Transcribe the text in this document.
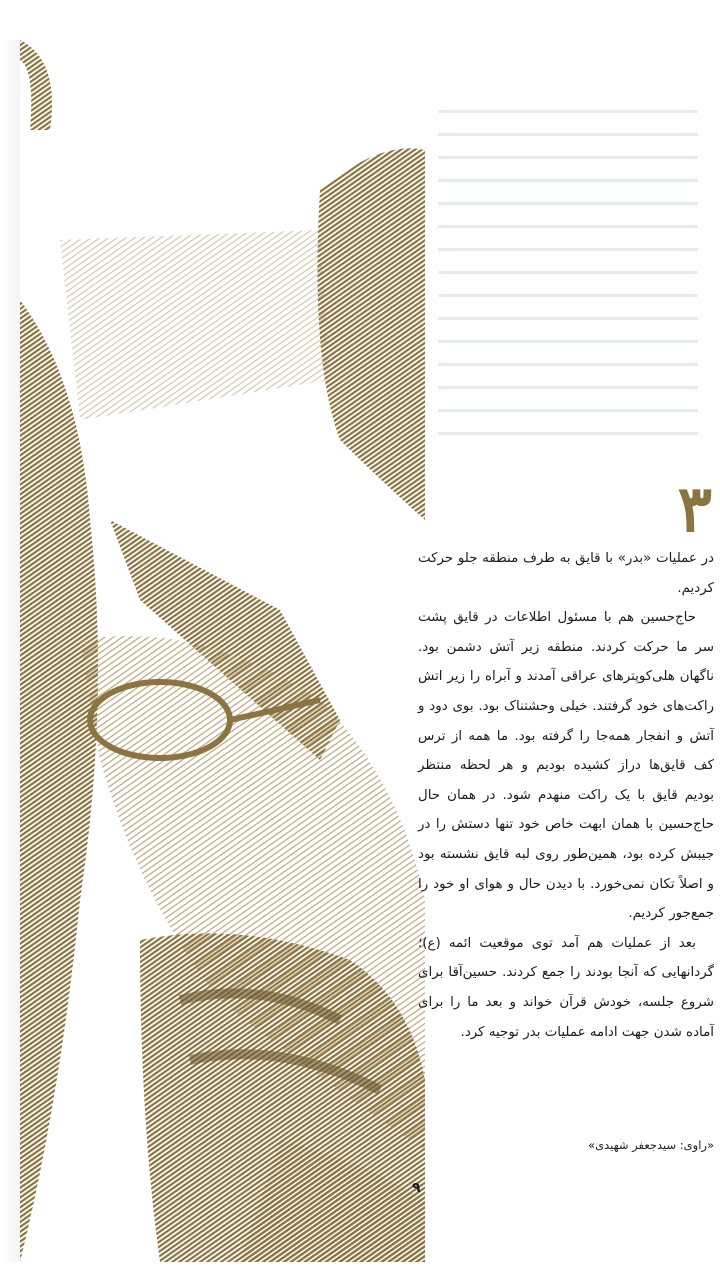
۳

در عملیات «بدر» با قایق به طرف منطقه جلو حرکت کردیم.

حاج‌حسین هم با مسئول اطلاعات در قایق پشت سر ما حرکت کردند. منطقه زیر آتش دشمن بود. ناگهان هلی‌کوپترهای عراقی آمدند و آبراه را زیر اتش راکت‌های خود گرفتند. خیلی وحشتناک بود. بوی دود و آتش و انفجار همه‌جا را گرفته بود. ما همه از ترس کف قایق‌ها دراز کشیده بودیم و هر لحظه منتظر بودیم قایق با یک راکت منهدم شود. در همان حال حاج‌حسین با همان ابهت خاص خود تنها دستش را در جیبش کرده بود، همین‌طور روی لبه قایق نشسته بود و اصلاً تکان نمی‌خورد. با دیدن حال و هوای او خود را جمع‌جور کردیم.

بعد از عملیات هم آمد توی موقعیت ائمه (ع)؛ گردانهایی که آنجا بودند را جمع کردند. حسین‌آقا برای شروع جلسه، خودش قرآن خواند و بعد ما را برای آماده شدن جهت ادامه عملیات بدر توجیه کرد.

«راوی: سیدجعفر شهیدی»
۹
